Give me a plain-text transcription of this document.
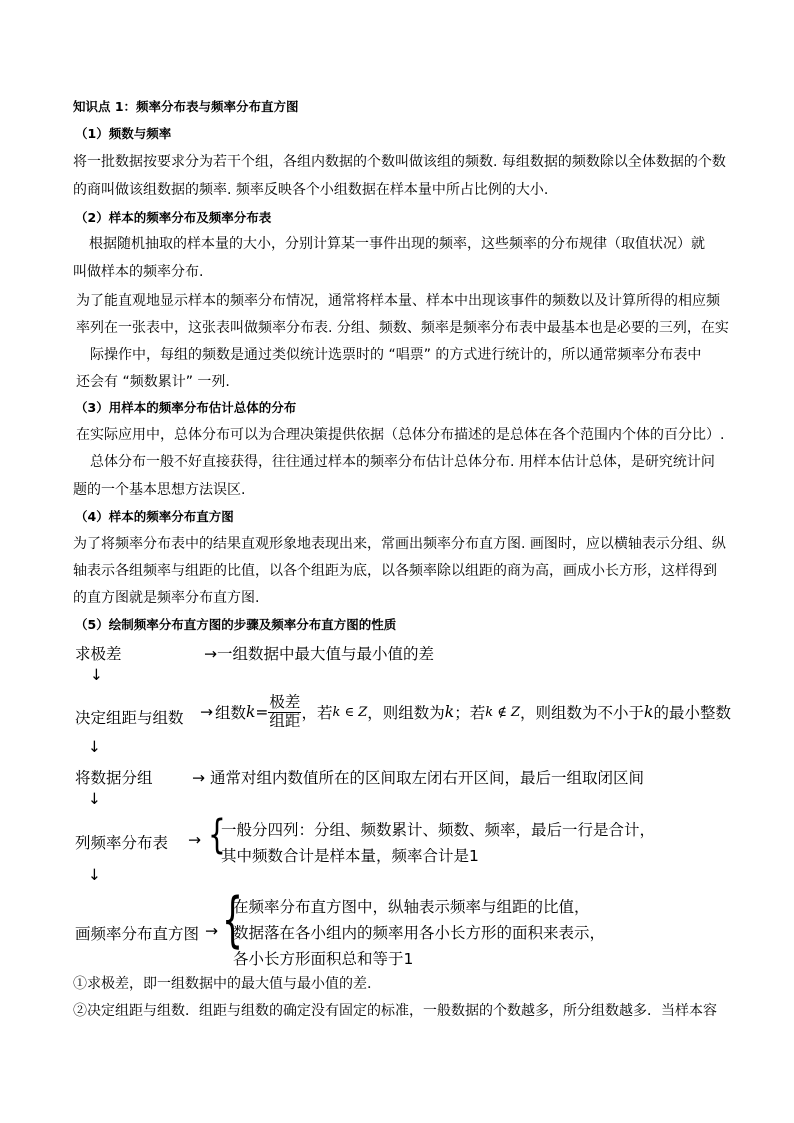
知识点 1：频率分布表与频率分布直方图
（1）频数与频率
将一批数据按要求分为若干个组，各组内数据的个数叫做该组的频数. 每组数据的频数除以全体数据的个数
的商叫做该组数据的频率. 频率反映各个小组数据在样本量中所占比例的大小.
（2）样本的频率分布及频率分布表
根据随机抽取的样本量的大小，分别计算某一事件出现的频率，这些频率的分布规律（取值状况）就
叫做样本的频率分布.
为了能直观地显示样本的频率分布情况，通常将样本量、样本中出现该事件的频数以及计算所得的相应频
率列在一张表中，这张表叫做频率分布表. 分组、频数、频率是频率分布表中最基本也是必要的三列，在实
际操作中，每组的频数是通过类似统计选票时的 “唱票” 的方式进行统计的，所以通常频率分布表中
还会有 “频数累计” 一列.
（3）用样本的频率分布估计总体的分布
在实际应用中，总体分布可以为合理决策提供依据（总体分布描述的是总体在各个范围内个体的百分比）.
总体分布一般不好直接获得，往往通过样本的频率分布估计总体分布. 用样本估计总体，是研究统计问
题的一个基本思想方法误区.
（4）样本的频率分布直方图
为了将频率分布表中的结果直观形象地表现出来，常画出频率分布直方图. 画图时，应以横轴表示分组、纵
轴表示各组频率与组距的比值，以各个组距为底，以各频率除以组距的商为高，画成小长方形，这样得到
的直方图就是频率分布直方图.
（5）绘制频率分布直方图的步骤及频率分布直方图的性质
求极差	→一组数据中最大值与最小值的差
↓
决定组距与组数 → 组数 $k = \frac{\text{极差}}{\text{组距}}$ ，若 k ∈ Z ，则组数为 k ；若 k ∉ Z ，则组数为不小于 k 的最小整数
↓
将数据分组	→ 通常对组内数值所在的区间取左闭右开区间，最后一组取闭区间
↓
列频率分布表 → {
一般分四列：分组、频数累计、频数、频率，最后一行是合计，
其中频数合计是样本量，频率合计是1
↓
画频率分布直方图 → {
在频率分布直方图中，纵轴表示频率与组距的比值，
数据落在各小组内的频率用各小长方形的面积来表示，
各小长方形面积总和等于1
①求极差，即一组数据中的最大值与最小值的差.
②决定组距与组数．组距与组数的确定没有固定的标准，一般数据的个数越多，所分组数越多．当样本容
